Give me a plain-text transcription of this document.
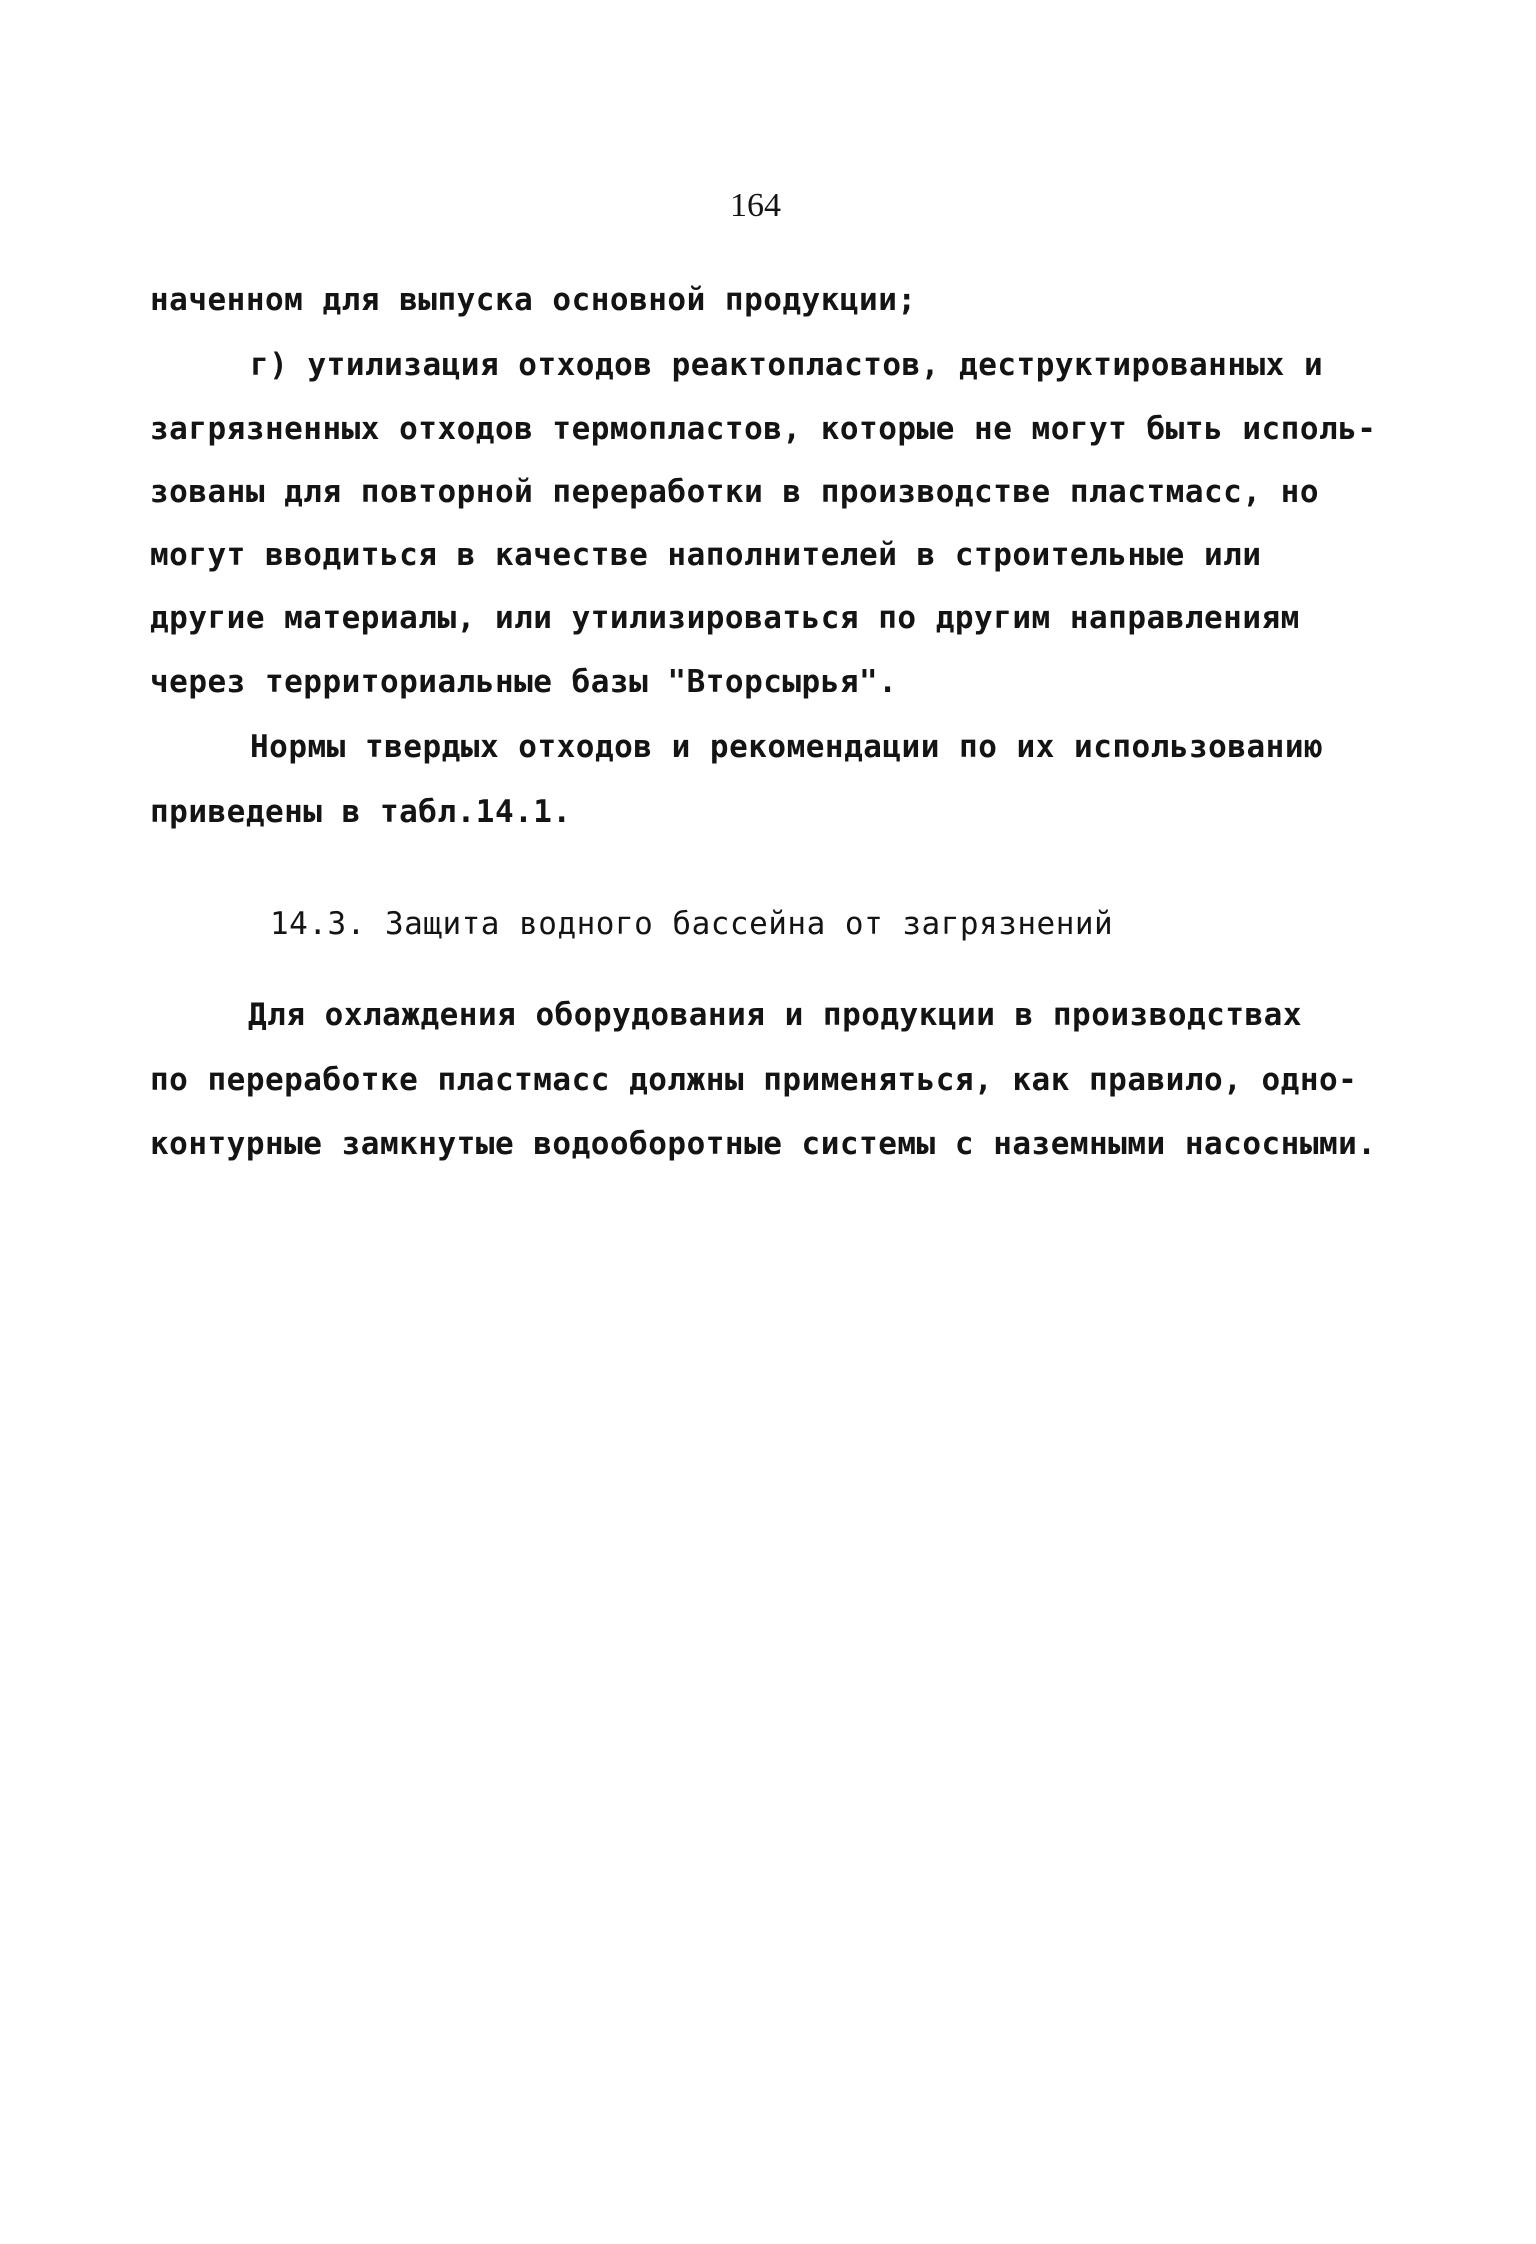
164
наченном для выпуска основной продукции;
г) утилизация отходов реактопластов, деструктированных и
загрязненных отходов термопластов, которые не могут быть исполь-
зованы для повторной переработки в производстве пластмасс, но
могут вводиться в качестве наполнителей в строительные или
другие материалы, или утилизироваться по другим направлениям
через территориальные базы "Вторсырья".
Нормы твердых отходов и рекомендации по их использованию
приведены в табл.14.1.
14.3. Защита водного бассейна от загрязнений
Для охлаждения оборудования и продукции в производствах
по переработке пластмасс должны применяться, как правило, одно-
контурные замкнутые водооборотные системы с наземными насосными.
